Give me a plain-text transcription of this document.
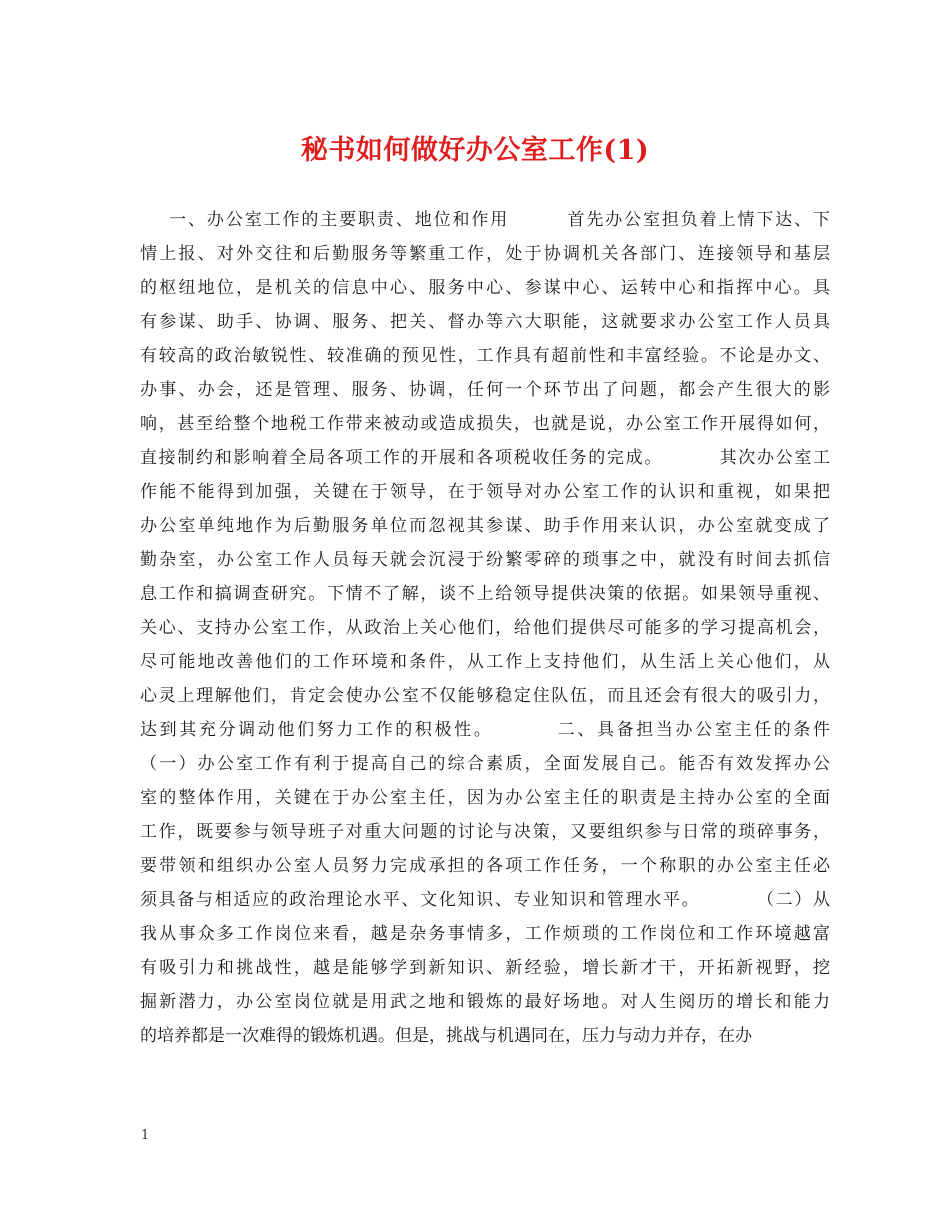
秘书如何做好办公室工作(1)
一、办公室工作的主要职责、地位和作用        首先办公室担负着上情下达、下
情上报、对外交往和后勤服务等繁重工作，处于协调机关各部门、连接领导和基层
的枢纽地位，是机关的信息中心、服务中心、参谋中心、运转中心和指挥中心。具
有参谋、助手、协调、服务、把关、督办等六大职能，这就要求办公室工作人员具
有较高的政治敏锐性、较准确的预见性，工作具有超前性和丰富经验。不论是办文、
办事、办会，还是管理、服务、协调，任何一个环节出了问题，都会产生很大的影
响，甚至给整个地税工作带来被动或造成损失，也就是说，办公室工作开展得如何，
直接制约和影响着全局各项工作的开展和各项税收任务的完成。        其次办公室工
作能不能得到加强，关键在于领导，在于领导对办公室工作的认识和重视，如果把
办公室单纯地作为后勤服务单位而忽视其参谋、助手作用来认识，办公室就变成了
勤杂室，办公室工作人员每天就会沉浸于纷繁零碎的琐事之中，就没有时间去抓信
息工作和搞调查研究。下情不了解，谈不上给领导提供决策的依据。如果领导重视、
关心、支持办公室工作，从政治上关心他们，给他们提供尽可能多的学习提高机会，
尽可能地改善他们的工作环境和条件，从工作上支持他们，从生活上关心他们，从
心灵上理解他们，肯定会使办公室不仅能够稳定住队伍，而且还会有很大的吸引力，
达到其充分调动他们努力工作的积极性。        二、具备担当办公室主任的条件
（一）办公室工作有利于提高自己的综合素质，全面发展自己。能否有效发挥办公
室的整体作用，关键在于办公室主任，因为办公室主任的职责是主持办公室的全面
工作，既要参与领导班子对重大问题的讨论与决策，又要组织参与日常的琐碎事务，
要带领和组织办公室人员努力完成承担的各项工作任务，一个称职的办公室主任必
须具备与相适应的政治理论水平、文化知识、专业知识和管理水平。        （二）从
我从事众多工作岗位来看，越是杂务事情多，工作烦琐的工作岗位和工作环境越富
有吸引力和挑战性，越是能够学到新知识、新经验，增长新才干，开拓新视野，挖
掘新潜力，办公室岗位就是用武之地和锻炼的最好场地。对人生阅历的增长和能力
的培养都是一次难得的锻炼机遇。但是，挑战与机遇同在，压力与动力并存，在办
1
